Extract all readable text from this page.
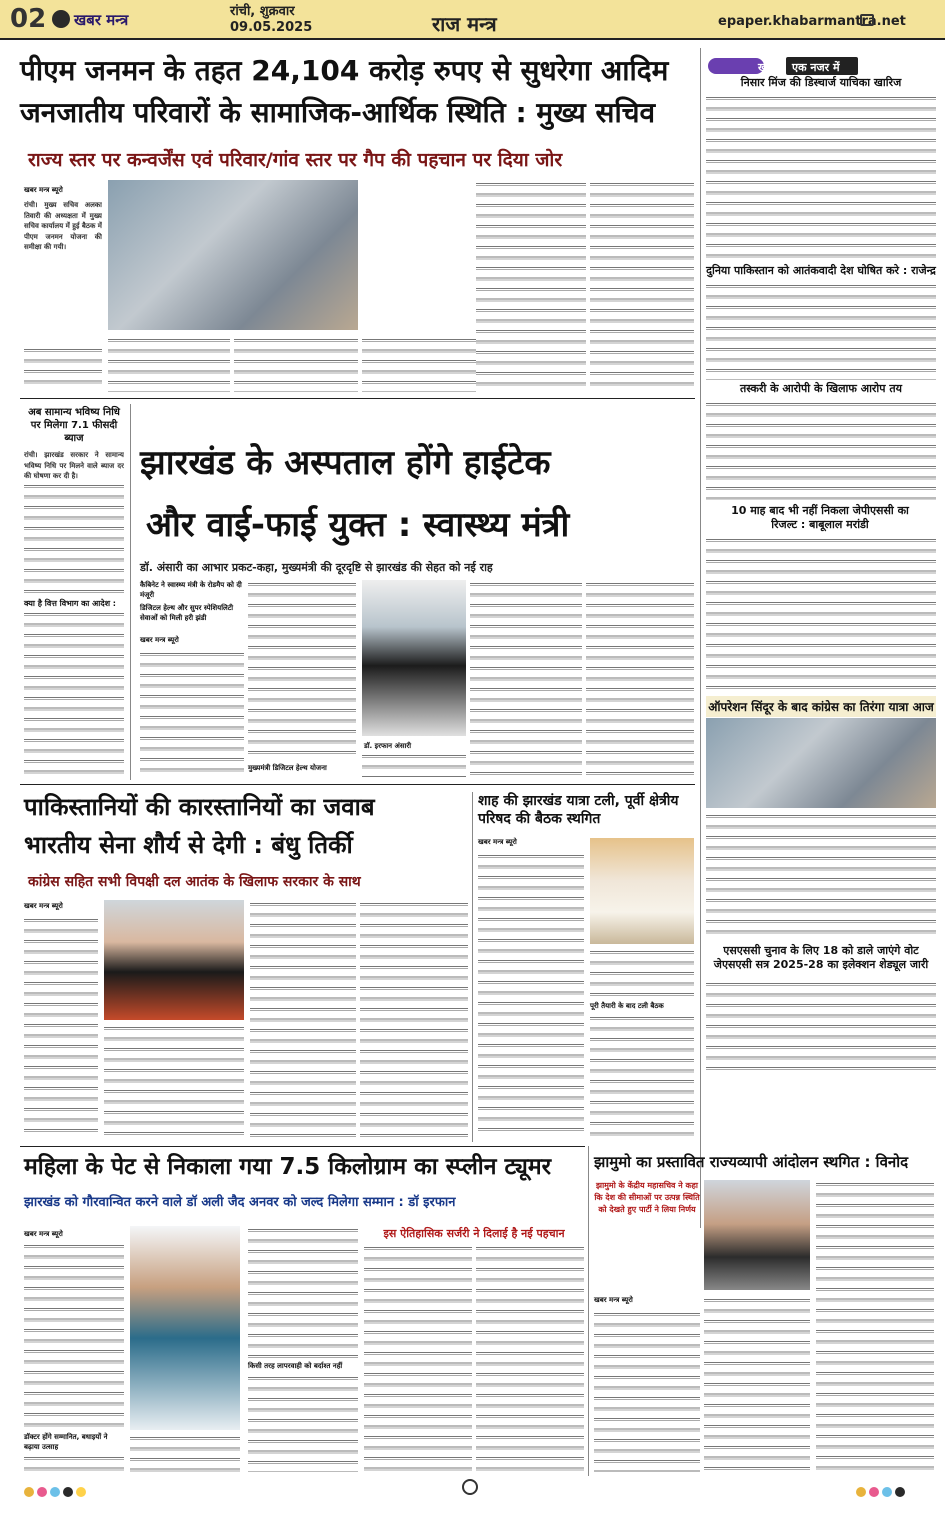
02 खबर मन्त्र	रांची, शुक्रवार
09.05.2025	राज मन्त्र	epaper.khabarmantra.net
पीएम जनमन के तहत 24,104 करोड़ रुपए से सुधरेगा आदिम
जनजातीय परिवारों के सामाजिक-आर्थिक स्थिति : मुख्य सचिव
राज्य स्तर पर कन्वर्जेंस एवं परिवार/गांव स्तर पर गैप की पहचान पर दिया जोर
खबर मन्त्र ब्यूरो
रांची। मुख्य सचिव अलका तिवारी की अध्यक्षता में मुख्य सचिव कार्यालय में हुई बैठक में पीएम जनमन योजना की समीक्षा की गयी।
खबर एक नजर में
निसार मिंज की डिस्चार्ज याचिका खारिज
दुनिया पाकिस्तान को आतंकवादी देश घोषित करे : राजेन्द्र
तस्करी के आरोपी के खिलाफ आरोप तय
10 माह बाद भी नहीं निकला जेपीएससी का रिजल्ट : बाबूलाल मरांडी
ऑपरेशन सिंदूर के बाद कांग्रेस का तिरंगा यात्रा आज
एसएससी चुनाव के लिए 18 को डाले जाएंगे वोट जेएसएसी सत्र 2025-28 का इलेक्शन शेड्यूल जारी
अब सामान्य भविष्य निधि पर मिलेगा 7.1 फीसदी ब्याज
रांची। झारखंड सरकार ने सामान्य भविष्य निधि पर मिलने वाले ब्याज दर की घोषणा कर दी है।
क्या है वित्त विभाग का आदेश :
झारखंड के अस्पताल होंगे हाईटेक
और वाई-फाई युक्त : स्वास्थ्य मंत्री
डॉ. अंसारी का आभार प्रकट-कहा, मुख्यमंत्री की दूरदृष्टि से झारखंड की सेहत को नई राह
कैबिनेट ने स्वास्थ्य मंत्री के रोडमैप को दी मंजूरी
डिजिटल हेल्थ और सुपर स्पेशियलिटी सेवाओं को मिली हरी झंडी
खबर मन्त्र ब्यूरो
मुख्यमंत्री डिजिटल हेल्थ योजना
डॉ. इरफान अंसारी
पाकिस्तानियों की कारस्तानियों का जवाब
भारतीय सेना शौर्य से देगी : बंधु तिर्की
कांग्रेस सहित सभी विपक्षी दल आतंक के खिलाफ सरकार के साथ
खबर मन्त्र ब्यूरो
शाह की झारखंड यात्रा टली, पूर्वी क्षेत्रीय परिषद की बैठक स्थगित
खबर मन्त्र ब्यूरो
पूरी तैयारी के बाद टली बैठक
महिला के पेट से निकाला गया 7.5 किलोग्राम का स्प्लीन ट्यूमर
झारखंड को गौरवान्वित करने वाले डॉ अली जैद अनवर को जल्द मिलेगा सम्मान : डॉ इरफान
खबर मन्त्र ब्यूरो
डॉक्टर होंगे सम्मानित, बधाइयों ने बढ़ाया उत्साह
किसी तरह लापरवाही को बर्दाश्त नहीं
इस ऐतिहासिक सर्जरी ने दिलाई है नई पहचान
झामुमो का प्रस्तावित राज्यव्यापी आंदोलन स्थगित : विनोद
झामुमो के केंद्रीय महासचिव ने कहा कि देश की सीमाओं पर उत्पन्न स्थिति को देखते हुए पार्टी ने लिया निर्णय
खबर मन्त्र ब्यूरो
